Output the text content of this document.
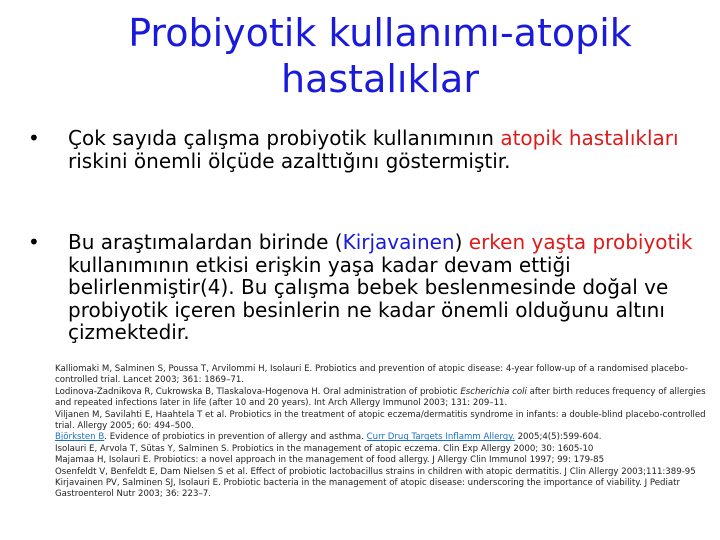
Probiyotik kullanımı-atopik
hastalıklar
• Çok sayıda çalışma probiyotik kullanımının atopik hastalıkları riskini önemli ölçüde azalttığını göstermiştir.
• Bu araştımalardan birinde (Kirjavainen) erken yaşta probiyotik kullanımının etkisi erişkin yaşa kadar devam ettiği belirlenmiştir(4). Bu çalışma bebek beslenmesinde doğal ve probiyotik içeren besinlerin ne kadar önemli olduğunu altını çizmektedir.
Kalliomaki M, Salminen S, Poussa T, Arvilommi H, Isolauri E. Probiotics and prevention of atopic disease: 4-year follow-up of a randomised placebo-controlled trial. Lancet 2003; 361: 1869–71.
Lodinova-Zadnikova R, Cukrowska B, Tlaskalova-Hogenova H. Oral administration of probiotic Escherichia coli after birth reduces frequency of allergies and repeated infections later in life (after 10 and 20 years). Int Arch Allergy Immunol 2003; 131: 209–11.
Viljanen M, Savilahti E, Haahtela T et al. Probiotics in the treatment of atopic eczema/dermatitis syndrome in infants: a double-blind placebo-controlled trial. Allergy 2005; 60: 494–500.
Björksten B. Evidence of probiotics in prevention of allergy and asthma. Curr Drug Targets Inflamm Allergy. 2005;4(5):599-604.
Isolauri E, Arvola T, Sütas Y, Salminen S. Probiotics in the management of atopic eczema. Clin Exp Allergy 2000; 30: 1605-10
Majamaa H, Isolauri E. Probiotics: a novel approach in the management of food allergy. J Allergy Clin Immunol 1997; 99: 179-85
Osenfeldt V, Benfeldt E, Dam Nielsen S et al. Effect of probiotic lactobacillus strains in children with atopic dermatitis. J Clin Allergy 2003;111:389-95
Kirjavainen PV, Salminen SJ, Isolauri E. Probiotic bacteria in the management of atopic disease: underscoring the importance of viability. J Pediatr Gastroenterol Nutr 2003; 36: 223–7.
